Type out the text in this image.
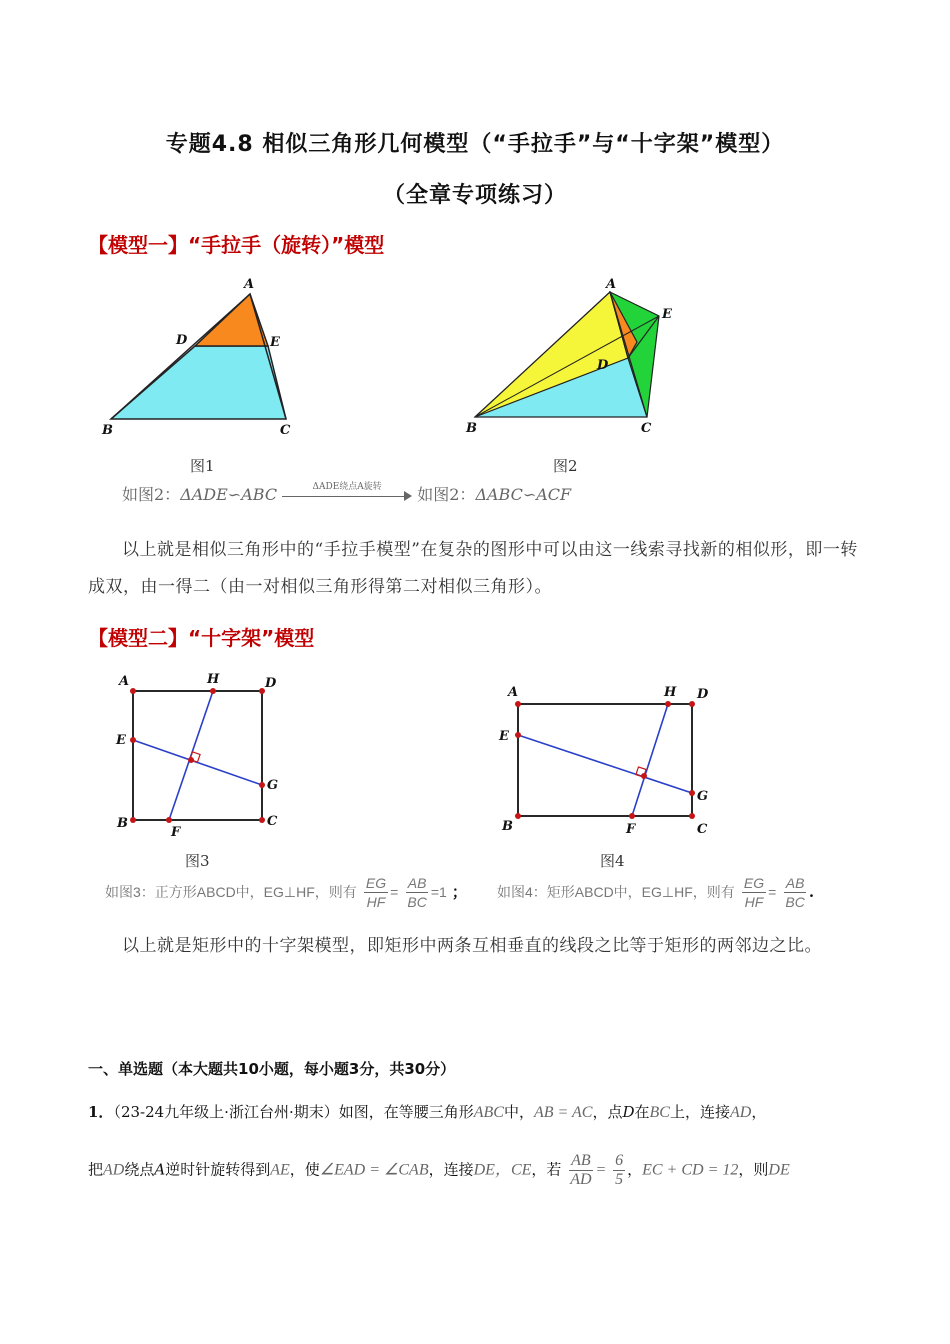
专题4.8 相似三角形几何模型（“手拉手”与“十字架”模型）
（全章专项练习）
【模型一】“手拉手（旋转）”模型
A
D	E
B	C
图1
A
E
D
B	C
图2
如图2：ΔADE∽ABC	ΔADE绕点A旋转	如图2：ΔABC∽ACF
以上就是相似三角形中的“手拉手模型”在复杂的图形中可以由这一线索寻找新的相似形，即一转成双，由一得二（由一对相似三角形得第二对相似三角形）。
【模型二】“十字架”模型
A	H	D
E
G
B
F
C
图3
A	H D
E
G
B	F	C
图4
如图3：正方形ABCD中，EG⊥HF，则有 $\frac{EG}{HF} = \frac{AB}{BC} =1$ ； 如图4：矩形ABCD中，EG⊥HF，则有 $\frac{EG}{HF} = \frac{AB}{BC}$ .
以上就是矩形中的十字架模型，即矩形中两条互相垂直的线段之比等于矩形的两邻边之比。
一、单选题（本大题共10小题，每小题3分，共30分）
1．（23-24九年级上·浙江台州·期末）如图，在等腰三角形ABC中，AB = AC，点D在BC上，连接AD，
把AD绕点A逆时针旋转得到AE，使∠EAD = ∠CAB，连接DE，CE，若 $\frac{AB}{AD} = \frac{6}{5}$ ，EC + CD = 12，则DE
